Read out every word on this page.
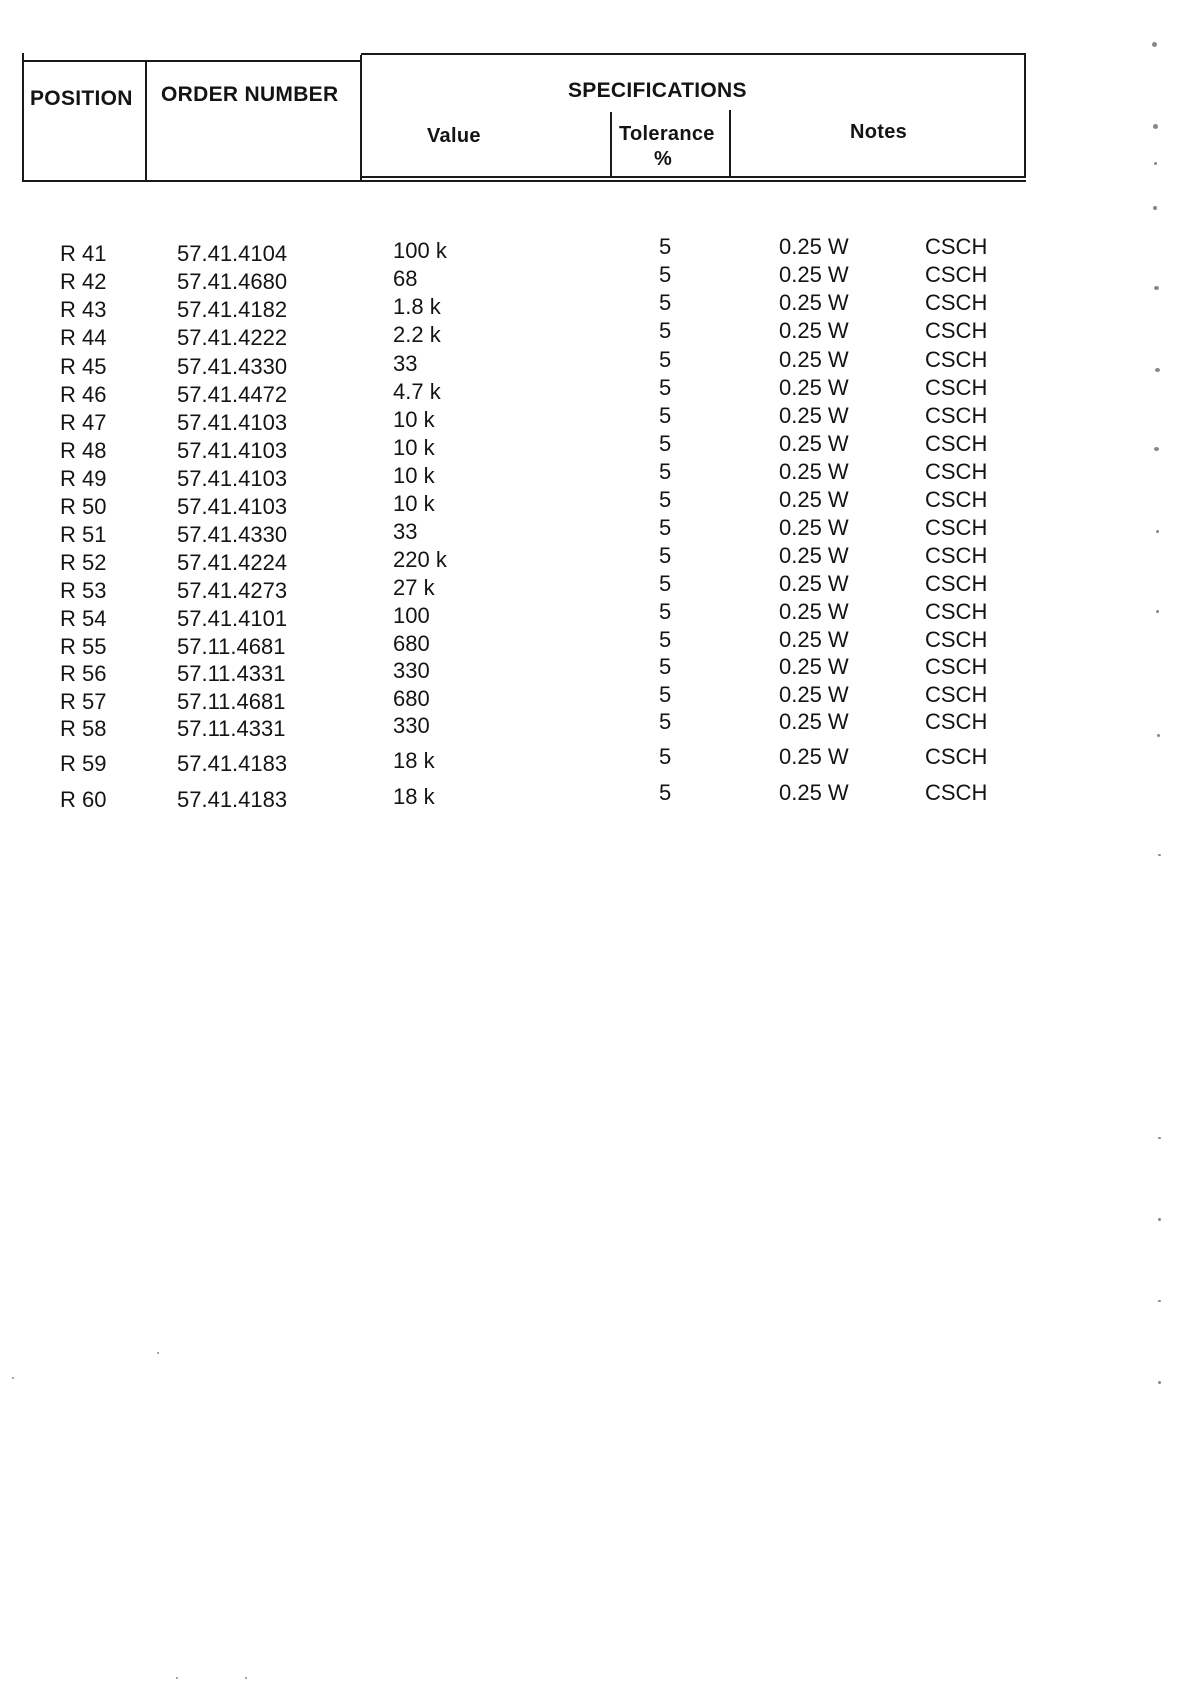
POSITION ORDER NUMBER	SPECIFICATIONS
Value	Tolerance
%
Notes
R 41	57.41.4104	100 k	5	0.25 W	CSCH
R 42	57.41.4680	68	5	0.25 W	CSCH
R 43	57.41.4182	1.8 k	5	0.25 W	CSCH
R 44	57.41.4222	2.2 k	5	0.25 W	CSCH
R 45	57.41.4330	33	5	0.25 W	CSCH
R 46	57.41.4472	4.7 k	5	0.25 W	CSCH
R 47	57.41.4103	10 k	5	0.25 W	CSCH
R 48	57.41.4103	10 k	5	0.25 W	CSCH
R 49	57.41.4103	10 k	5	0.25 W	CSCH
R 50	57.41.4103	10 k	5	0.25 W	CSCH
R 51	57.41.4330	33	5	0.25 W	CSCH
R 52	57.41.4224	220 k	5	0.25 W	CSCH
R 53	57.41.4273	27 k	5	0.25 W	CSCH
R 54	57.41.4101	100	5	0.25 W	CSCH
R 55	57.11.4681	680	5	0.25 W	CSCH
R 56	57.11.4331	330	5	0.25 W	CSCH
R 57	57.11.4681	680	5	0.25 W	CSCH
R 58	57.11.4331	330	5	0.25 W	CSCH
R 59	57.41.4183	18 k	5	0.25 W	CSCH
R 60	57.41.4183	18 k	5	0.25 W	CSCH
